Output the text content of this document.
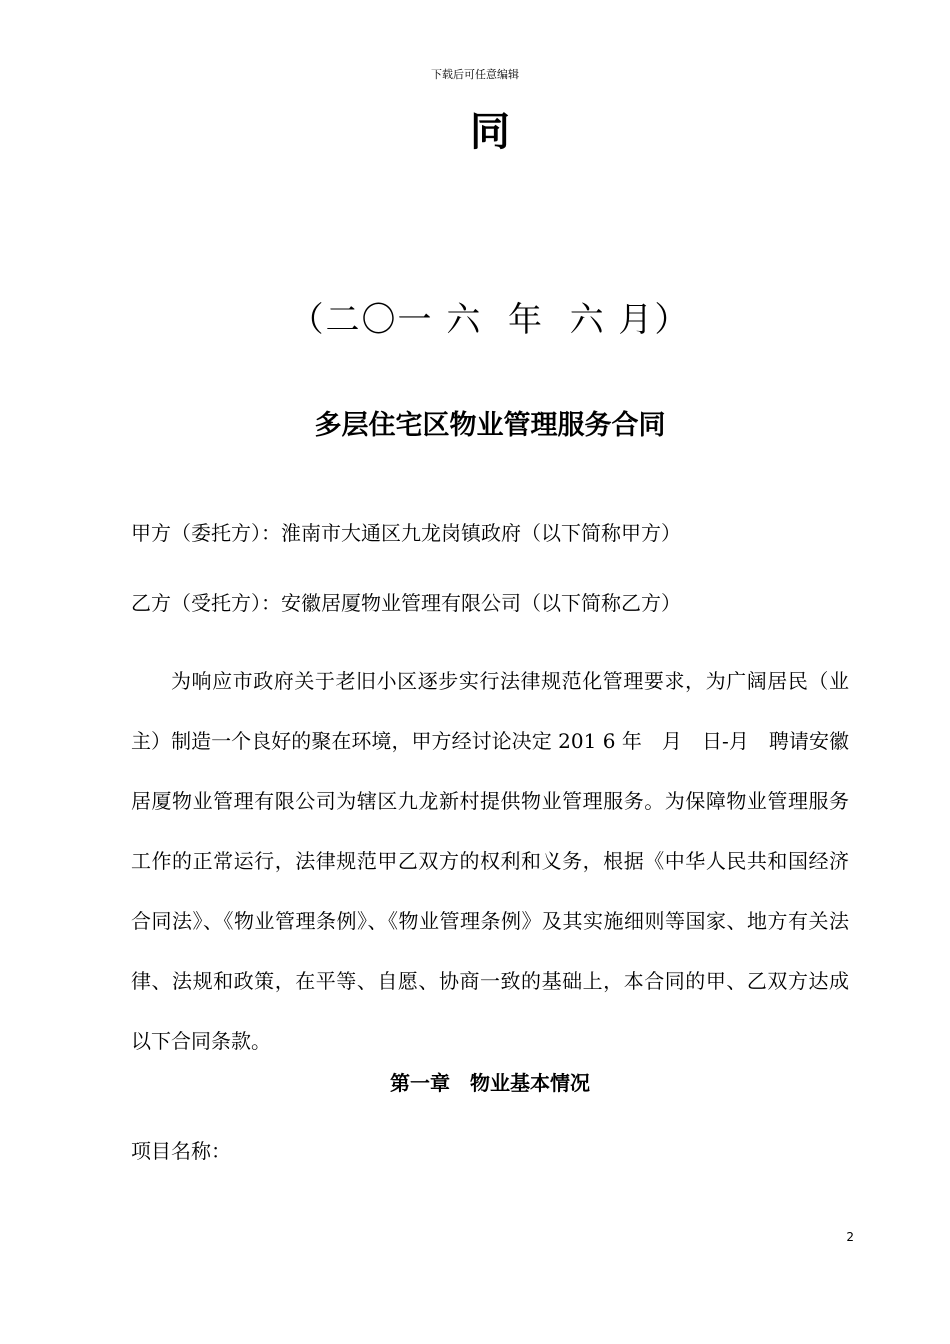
下载后可任意编辑
同
（二〇一 六  年  六 月）
多层住宅区物业管理服务合同
甲方（委托方）：淮南市大通区九龙岗镇政府（以下简称甲方）
乙方（受托方）：安徽居厦物业管理有限公司（以下简称乙方）

为响应市政府关于老旧小区逐步实行法律规范化管理要求，为广阔居民（业主）制造一个良好的聚在环境，甲方经讨论决定 201 6 年　月　日-月　聘请安徽居厦物业管理有限公司为辖区九龙新村提供物业管理服务。为保障物业管理服务工作的正常运行，法律规范甲乙双方的权利和义务，根据《中华人民共和国经济合同法》、《物业管理条例》、《物业管理条例》及其实施细则等国家、地方有关法律、法规和政策，在平等、自愿、协商一致的基础上，本合同的甲、乙双方达成以下合同条款。

第一章　物业基本情况
项目名称：
2
